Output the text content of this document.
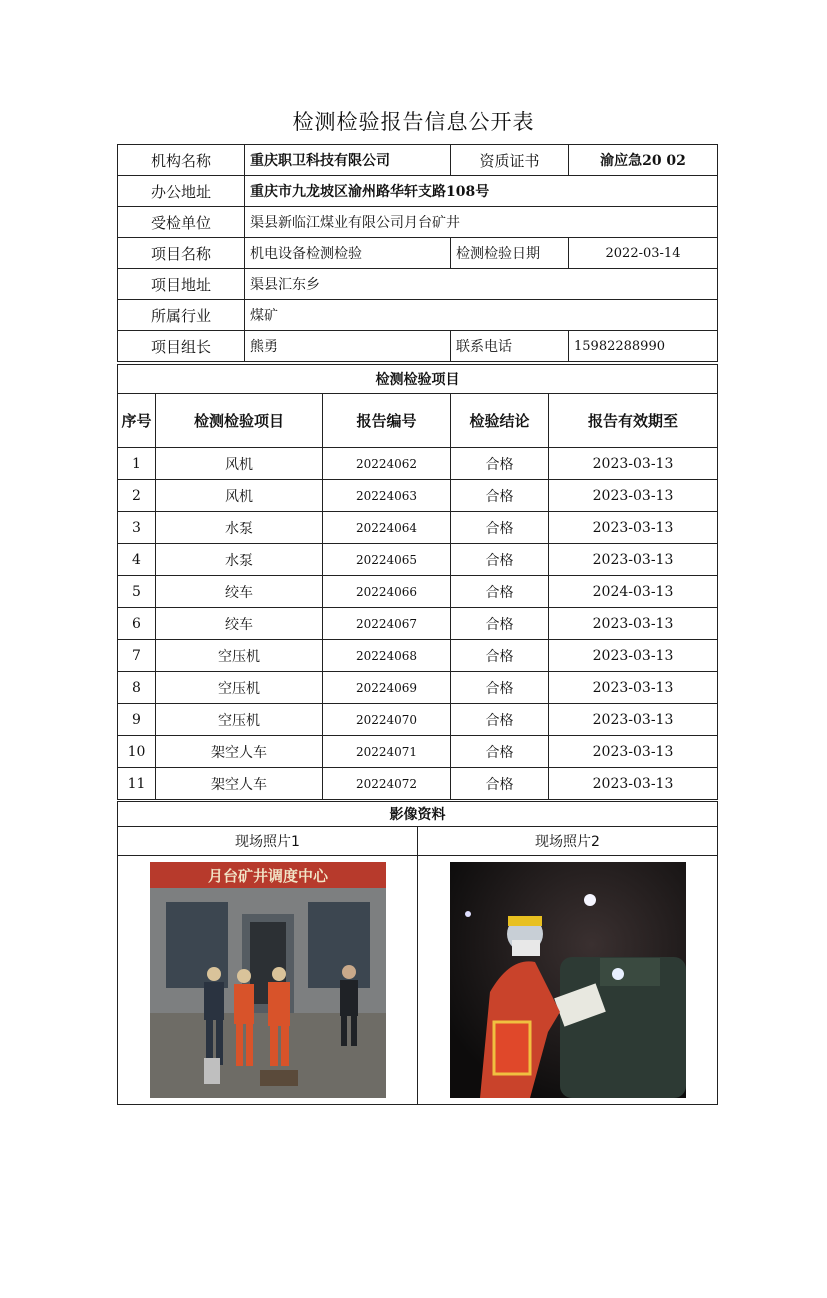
检测检验报告信息公开表
机构名称	重庆职卫科技有限公司	资质证书	渝应急20 02
办公地址	重庆市九龙坡区渝州路华轩支路108号		
受检单位	渠县新临江煤业有限公司月台矿井		
项目名称	机电设备检测检验	检测检验日期	2022-03-14
项目地址	渠县汇东乡		
所属行业	煤矿		
项目组长	熊勇	联系电话	15982288990
检测检验项目				
序号	检测检验项目	报告编号	检验结论	报告有效期至
1	风机	20224062	合格	2023-03-13
2	风机	20224063	合格	2023-03-13
3	水泵	20224064	合格	2023-03-13
4	水泵	20224065	合格	2023-03-13
5	绞车	20224066	合格	2024-03-13
6	绞车	20224067	合格	2023-03-13
7	空压机	20224068	合格	2023-03-13
8	空压机	20224069	合格	2023-03-13
9	空压机	20224070	合格	2023-03-13
10	架空人车	20224071	合格	2023-03-13
11	架空人车	20224072	合格	2023-03-13
影像资料	
现场照片1	现场照片2

月台矿井调度中心
